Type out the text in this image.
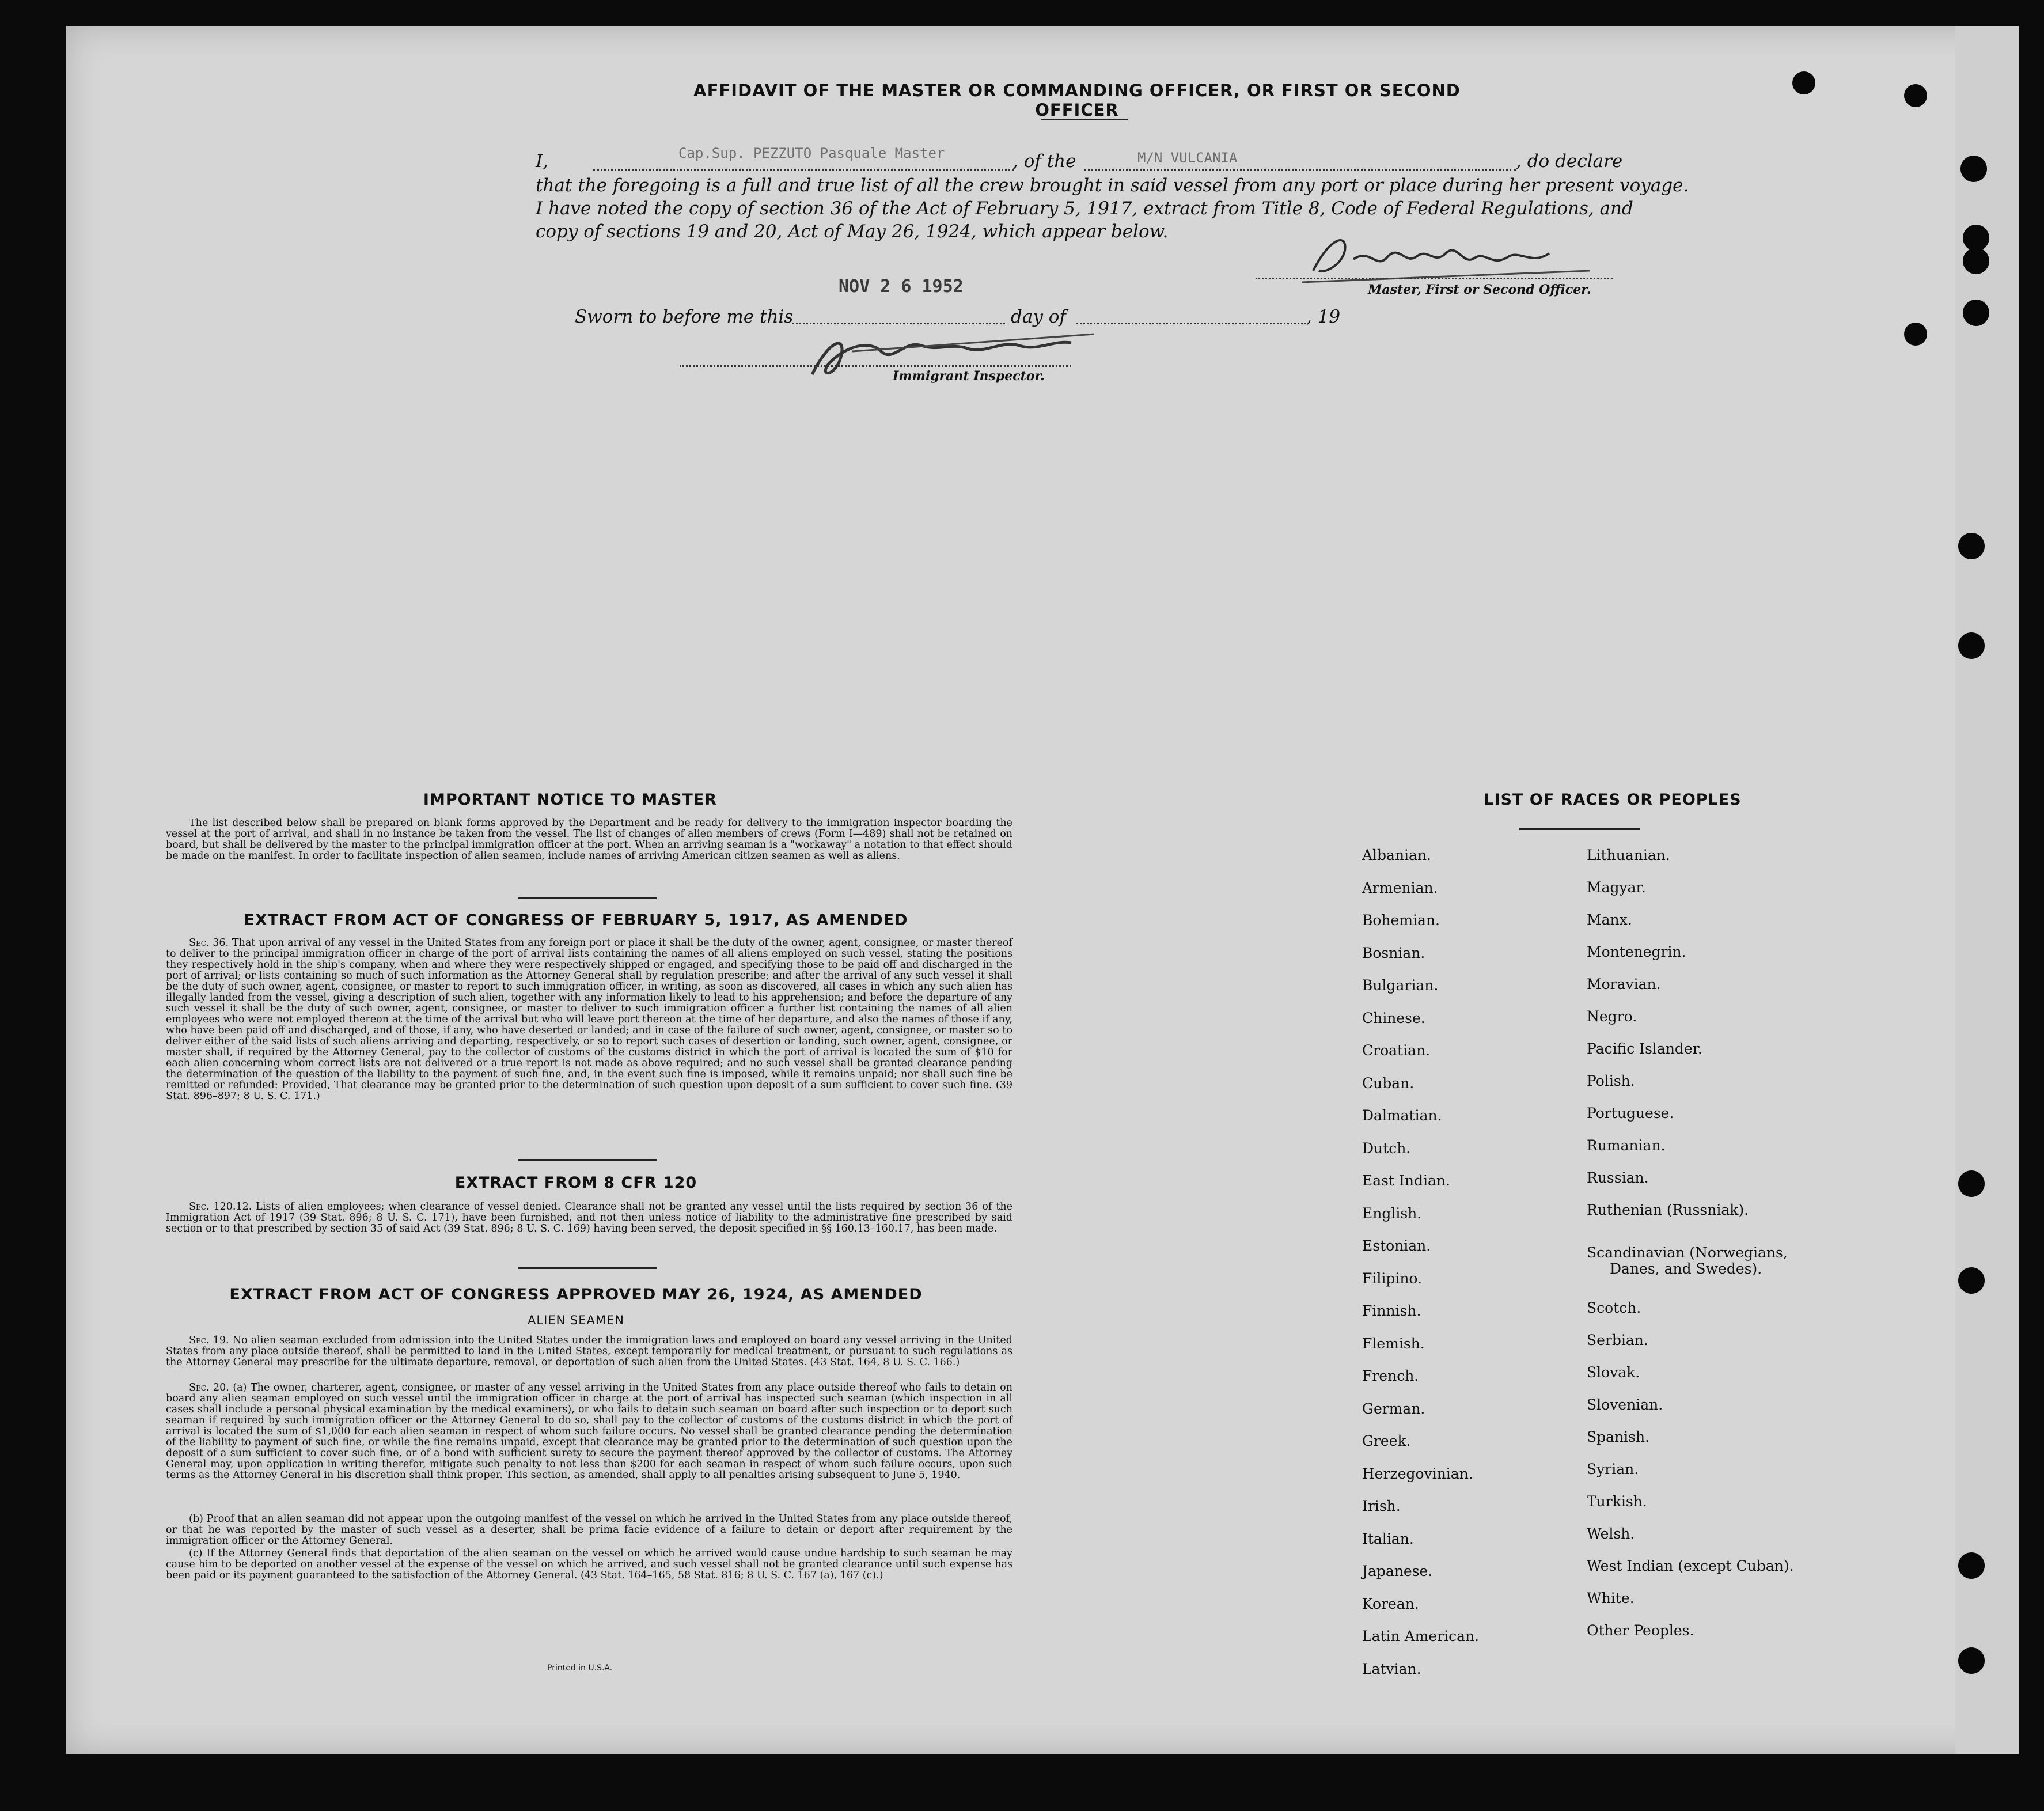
AFFIDAVIT OF THE MASTER OR COMMANDING OFFICER, OR FIRST OR SECOND OFFICER
I,	Cap.Sup. PEZZUTO Pasquale Master	, of the	M/N VULCANIA	, do declare
that the foregoing is a full and true list of all the crew brought in said vessel from any port or place during her present voyage.
I have noted the copy of section 36 of the Act of February 5, 1917, extract from Title 8, Code of Federal Regulations, and
copy of sections 19 and 20, Act of May 26, 1924, which appear below.
Master, First or Second Officer.
NOV 2 6 1952
Sworn to before me this	day of	, 19
Immigrant Inspector.
IMPORTANT NOTICE TO MASTER

The list described below shall be prepared on blank forms approved by the Department and be ready for delivery to the immigration inspector boarding the vessel at the port of arrival, and shall in no instance be taken from the vessel. The list of changes of alien members of crews (Form I—489) shall not be retained on board, but shall be delivered by the master to the principal immigration officer at the port. When an arriving seaman is a "workaway" a notation to that effect should be made on the manifest. In order to facilitate inspection of alien seamen, include names of arriving American citizen seamen as well as aliens.

EXTRACT FROM ACT OF CONGRESS OF FEBRUARY 5, 1917, AS AMENDED

Sec. 36. That upon arrival of any vessel in the United States from any foreign port or place it shall be the duty of the owner, agent, consignee, or master thereof to deliver to the principal immigration officer in charge of the port of arrival lists containing the names of all aliens employed on such vessel, stating the positions they respectively hold in the ship's company, when and where they were respectively shipped or engaged, and specifying those to be paid off and discharged in the port of arrival; or lists containing so much of such information as the Attorney General shall by regulation prescribe; and after the arrival of any such vessel it shall be the duty of such owner, agent, consignee, or master to report to such immigration officer, in writing, as soon as discovered, all cases in which any such alien has illegally landed from the vessel, giving a description of such alien, together with any information likely to lead to his apprehension; and before the departure of any such vessel it shall be the duty of such owner, agent, consignee, or master to deliver to such immigration officer a further list containing the names of all alien employees who were not employed thereon at the time of the arrival but who will leave port thereon at the time of her departure, and also the names of those if any, who have been paid off and discharged, and of those, if any, who have deserted or landed; and in case of the failure of such owner, agent, consignee, or master so to deliver either of the said lists of such aliens arriving and departing, respectively, or so to report such cases of desertion or landing, such owner, agent, consignee, or master shall, if required by the Attorney General, pay to the collector of customs of the customs district in which the port of arrival is located the sum of $10 for each alien concerning whom correct lists are not delivered or a true report is not made as above required; and no such vessel shall be granted clearance pending the determination of the question of the liability to the payment of such fine, and, in the event such fine is imposed, while it remains unpaid; nor shall such fine be remitted or refunded: Provided, That clearance may be granted prior to the determination of such question upon deposit of a sum sufficient to cover such fine. (39 Stat. 896–897; 8 U. S. C. 171.)

EXTRACT FROM 8 CFR 120

Sec. 120.12. Lists of alien employees; when clearance of vessel denied. Clearance shall not be granted any vessel until the lists required by section 36 of the Immigration Act of 1917 (39 Stat. 896; 8 U. S. C. 171), have been furnished, and not then unless notice of liability to the administrative fine prescribed by said section or to that prescribed by section 35 of said Act (39 Stat. 896; 8 U. S. C. 169) having been served, the deposit specified in §§ 160.13–160.17, has been made.

EXTRACT FROM ACT OF CONGRESS APPROVED MAY 26, 1924, AS AMENDED
ALIEN SEAMEN

Sec. 19. No alien seaman excluded from admission into the United States under the immigration laws and employed on board any vessel arriving in the United States from any place outside thereof, shall be permitted to land in the United States, except temporarily for medical treatment, or pursuant to such regulations as the Attorney General may prescribe for the ultimate departure, removal, or deportation of such alien from the United States. (43 Stat. 164, 8 U. S. C. 166.)

Sec. 20. (a) The owner, charterer, agent, consignee, or master of any vessel arriving in the United States from any place outside thereof who fails to detain on board any alien seaman employed on such vessel until the immigration officer in charge at the port of arrival has inspected such seaman (which inspection in all cases shall include a personal physical examination by the medical examiners), or who fails to detain such seaman on board after such inspection or to deport such seaman if required by such immigration officer or the Attorney General to do so, shall pay to the collector of customs of the customs district in which the port of arrival is located the sum of $1,000 for each alien seaman in respect of whom such failure occurs. No vessel shall be granted clearance pending the determination of the liability to payment of such fine, or while the fine remains unpaid, except that clearance may be granted prior to the determination of such question upon the deposit of a sum sufficient to cover such fine, or of a bond with sufficient surety to secure the payment thereof approved by the collector of customs. The Attorney General may, upon application in writing therefor, mitigate such penalty to not less than $200 for each seaman in respect of whom such failure occurs, upon such terms as the Attorney General in his discretion shall think proper. This section, as amended, shall apply to all penalties arising subsequent to June 5, 1940.

(b) Proof that an alien seaman did not appear upon the outgoing manifest of the vessel on which he arrived in the United States from any place outside thereof, or that he was reported by the master of such vessel as a deserter, shall be prima facie evidence of a failure to detain or deport after requirement by the immigration officer or the Attorney General.

(c) If the Attorney General finds that deportation of the alien seaman on the vessel on which he arrived would cause undue hardship to such seaman he may cause him to be deported on another vessel at the expense of the vessel on which he arrived, and such vessel shall not be granted clearance until such expense has been paid or its payment guaranteed to the satisfaction of the Attorney General. (43 Stat. 164–165, 58 Stat. 816; 8 U. S. C. 167 (a), 167 (c).)

Printed in U.S.A.
LIST OF RACES OR PEOPLES
Albanian.
Armenian.
Bohemian.
Bosnian.
Bulgarian.
Chinese.
Croatian.
Cuban.
Dalmatian.
Dutch.
East Indian.
English.
Estonian.
Filipino.
Finnish.
Flemish.
French.
German.
Greek.
Herzegovinian.
Irish.
Italian.
Japanese.
Korean.
Latin American.
Latvian.
Lithuanian.
Magyar.
Manx.
Montenegrin.
Moravian.
Negro.
Pacific Islander.
Polish.
Portuguese.
Rumanian.
Russian.
Ruthenian (Russniak).
Scandinavian (Norwegians,
Danes, and Swedes).
Scotch.
Serbian.
Slovak.
Slovenian.
Spanish.
Syrian.
Turkish.
Welsh.
West Indian (except Cuban).
White.
Other Peoples.
